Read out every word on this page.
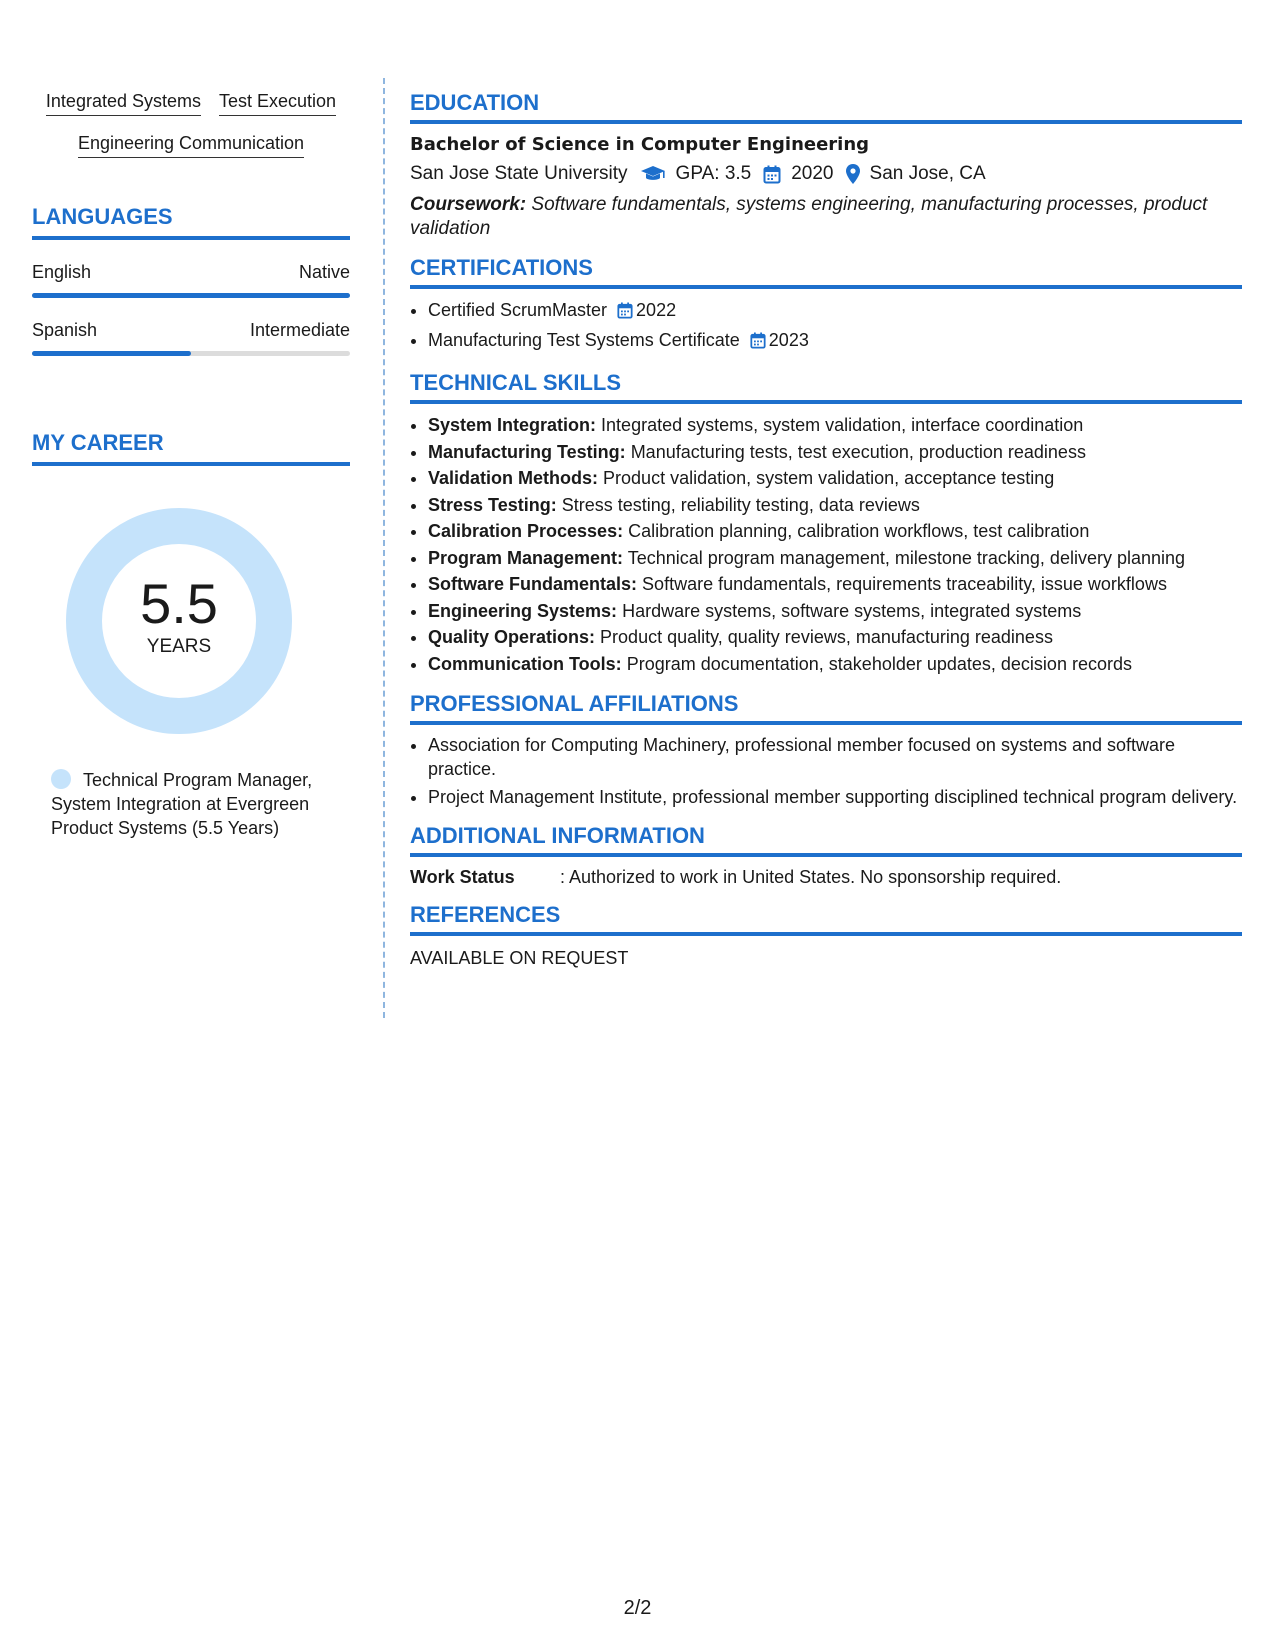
Integrated Systems Test Execution
Engineering Communication
LANGUAGES
English	Native
Spanish	Intermediate
MY CAREER
5.5
YEARS
Technical Program Manager, System Integration at Evergreen Product Systems (5.5 Years)
EDUCATION
Bachelor of Science in Computer Engineering
San Jose State University	GPA: 3.5 2020 San Jose, CA
Coursework: Software fundamentals, systems engineering, manufacturing processes, product validation
CERTIFICATIONS
• Certified ScrumMaster 2022
• Manufacturing Test Systems Certificate 2023
TECHNICAL SKILLS
• System Integration: Integrated systems, system validation, interface coordination
• Manufacturing Testing: Manufacturing tests, test execution, production readiness
• Validation Methods: Product validation, system validation, acceptance testing
• Stress Testing: Stress testing, reliability testing, data reviews
• Calibration Processes: Calibration planning, calibration workflows, test calibration
• Program Management: Technical program management, milestone tracking, delivery planning
• Software Fundamentals: Software fundamentals, requirements traceability, issue workflows
• Engineering Systems: Hardware systems, software systems, integrated systems
• Quality Operations: Product quality, quality reviews, manufacturing readiness
• Communication Tools: Program documentation, stakeholder updates, decision records
PROFESSIONAL AFFILIATIONS
• Association for Computing Machinery, professional member focused on systems and software practice.
• Project Management Institute, professional member supporting disciplined technical program delivery.
ADDITIONAL INFORMATION
Work Status	: Authorized to work in United States. No sponsorship required.
REFERENCES
AVAILABLE ON REQUEST
2/2
